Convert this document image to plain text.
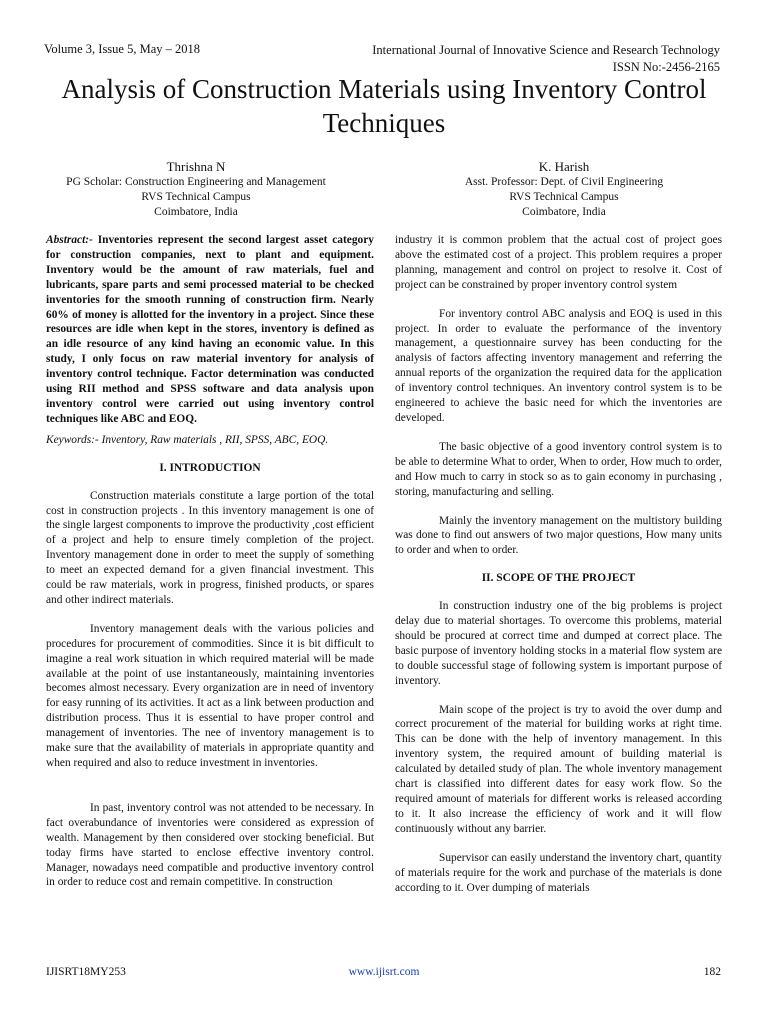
Volume 3, Issue 5, May – 2018	International Journal of Innovative Science and Research Technology
ISSN No:-2456-2165
Analysis of Construction Materials using Inventory Control Techniques
Thrishna N
PG Scholar: Construction Engineering and Management
RVS Technical Campus
Coimbatore, India
K. Harish
Asst. Professor: Dept. of Civil Engineering
RVS Technical Campus
Coimbatore, India

Abstract:- Inventories represent the second largest asset category for construction companies, next to plant and equipment. Inventory would be the amount of raw materials, fuel and lubricants, spare parts and semi processed material to be checked inventories for the smooth running of construction firm. Nearly 60% of money is allotted for the inventory in a project. Since these resources are idle when kept in the stores, inventory is defined as an idle resource of any kind having an economic value. In this study, I only focus on raw material inventory for analysis of inventory control technique. Factor determination was conducted using RII method and SPSS software and data analysis upon inventory control were carried out using inventory control techniques like ABC and EOQ.

Keywords:- Inventory, Raw materials , RII, SPSS, ABC, EOQ.

I. INTRODUCTION

Construction materials constitute a large portion of the total cost in construction projects . In this inventory management is one of the single largest components to improve the productivity ,cost efficient of a project and help to ensure timely completion of the project. Inventory management done in order to meet the supply of something to meet an expected demand for a given financial investment. This could be raw materials, work in progress, finished products, or spares and other indirect materials.

Inventory management deals with the various policies and procedures for procurement of commodities. Since it is bit difficult to imagine a real work situation in which required material will be made available at the point of use instantaneously, maintaining inventories becomes almost necessary. Every organization are in need of inventory for easy running of its activities. It act as a link between production and distribution process. Thus it is essential to have proper control and management of inventories. The nee of inventory management is to make sure that the availability of materials in appropriate quantity and when required and also to reduce investment in inventories.

In past, inventory control was not attended to be necessary. In fact overabundance of inventories were considered as expression of wealth. Management by then considered over stocking beneficial. But today firms have started to enclose effective inventory control. Manager, nowadays need compatible and productive inventory control in order to reduce cost and remain competitive. In construction

industry it is common problem that the actual cost of project goes above the estimated cost of a project. This problem requires a proper planning, management and control on project to resolve it. Cost of project can be constrained by proper inventory control system

For inventory control ABC analysis and EOQ is used in this project. In order to evaluate the performance of the inventory management, a questionnaire survey has been conducting for the analysis of factors affecting inventory management and referring the annual reports of the organization the required data for the application of inventory control techniques. An inventory control system is to be engineered to achieve the basic need for which the inventories are developed.

The basic objective of a good inventory control system is to be able to determine What to order, When to order, How much to order, and How much to carry in stock so as to gain economy in purchasing , storing, manufacturing and selling.

Mainly the inventory management on the multistory building was done to find out answers of two major questions, How many units to order and when to order.

II. SCOPE OF THE PROJECT

In construction industry one of the big problems is project delay due to material shortages. To overcome this problems, material should be procured at correct time and dumped at correct place. The basic purpose of inventory holding stocks in a material flow system are to double successful stage of following system is important purpose of inventory.

Main scope of the project is try to avoid the over dump and correct procurement of the material for building works at right time. This can be done with the help of inventory management. In this inventory system, the required amount of building material is calculated by detailed study of plan. The whole inventory management chart is classified into different dates for easy work flow. So the required amount of materials for different works is released according to it. It also increase the efficiency of work and it will flow continuously without any barrier.

Supervisor can easily understand the inventory chart, quantity of materials require for the work and purchase of the materials is done according to it. Over dumping of materials

IJISRT18MY253	www.ijisrt.com	182
